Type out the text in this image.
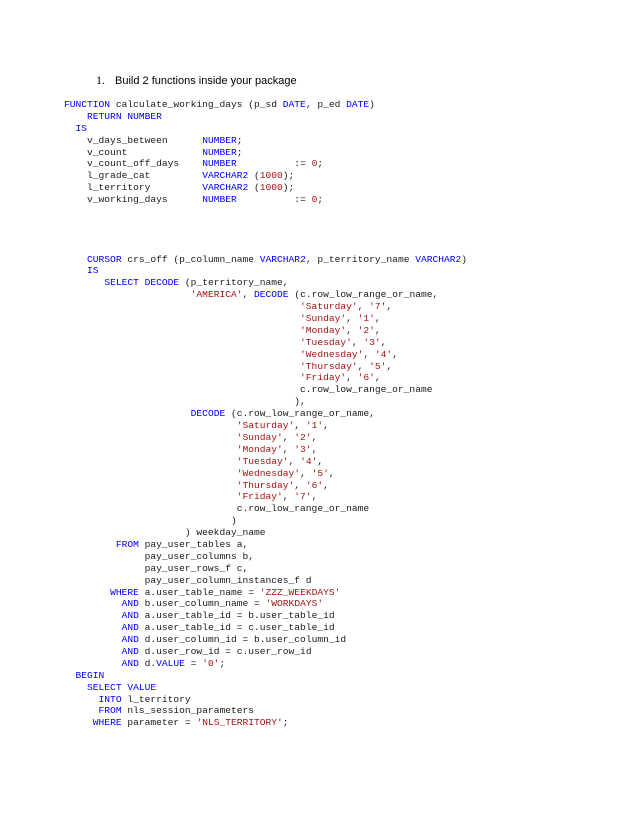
1. Build 2 functions inside your package
FUNCTION calculate_working_days (p_sd DATE, p_ed DATE)
RETURN NUMBER
IS
v_days_between      NUMBER;
v_count             NUMBER;
v_count_off_days    NUMBER          := 0;
l_grade_cat         VARCHAR2 (1000);
l_territory         VARCHAR2 (1000);
v_working_days      NUMBER          := 0;

CURSOR crs_off (p_column_name VARCHAR2, p_territory_name VARCHAR2)
IS
SELECT DECODE (p_territory_name,
'AMERICA', DECODE (c.row_low_range_or_name,
'Saturday', '7',
'Sunday', '1',
'Monday', '2',
'Tuesday', '3',
'Wednesday', '4',
'Thursday', '5',
'Friday', '6',
c.row_low_range_or_name
),
DECODE (c.row_low_range_or_name,
'Saturday', '1',
'Sunday', '2',
'Monday', '3',
'Tuesday', '4',
'Wednesday', '5',
'Thursday', '6',
'Friday', '7',
c.row_low_range_or_name
)
) weekday_name
FROM pay_user_tables a,
pay_user_columns b,
pay_user_rows_f c,
pay_user_column_instances_f d
WHERE a.user_table_name = 'ZZZ_WEEKDAYS'
AND b.user_column_name = 'WORKDAYS'
AND a.user_table_id = b.user_table_id
AND a.user_table_id = c.user_table_id
AND d.user_column_id = b.user_column_id
AND d.user_row_id = c.user_row_id
AND d.VALUE = '0';
BEGIN
SELECT VALUE
INTO l_territory
FROM nls_session_parameters
WHERE parameter = 'NLS_TERRITORY';
